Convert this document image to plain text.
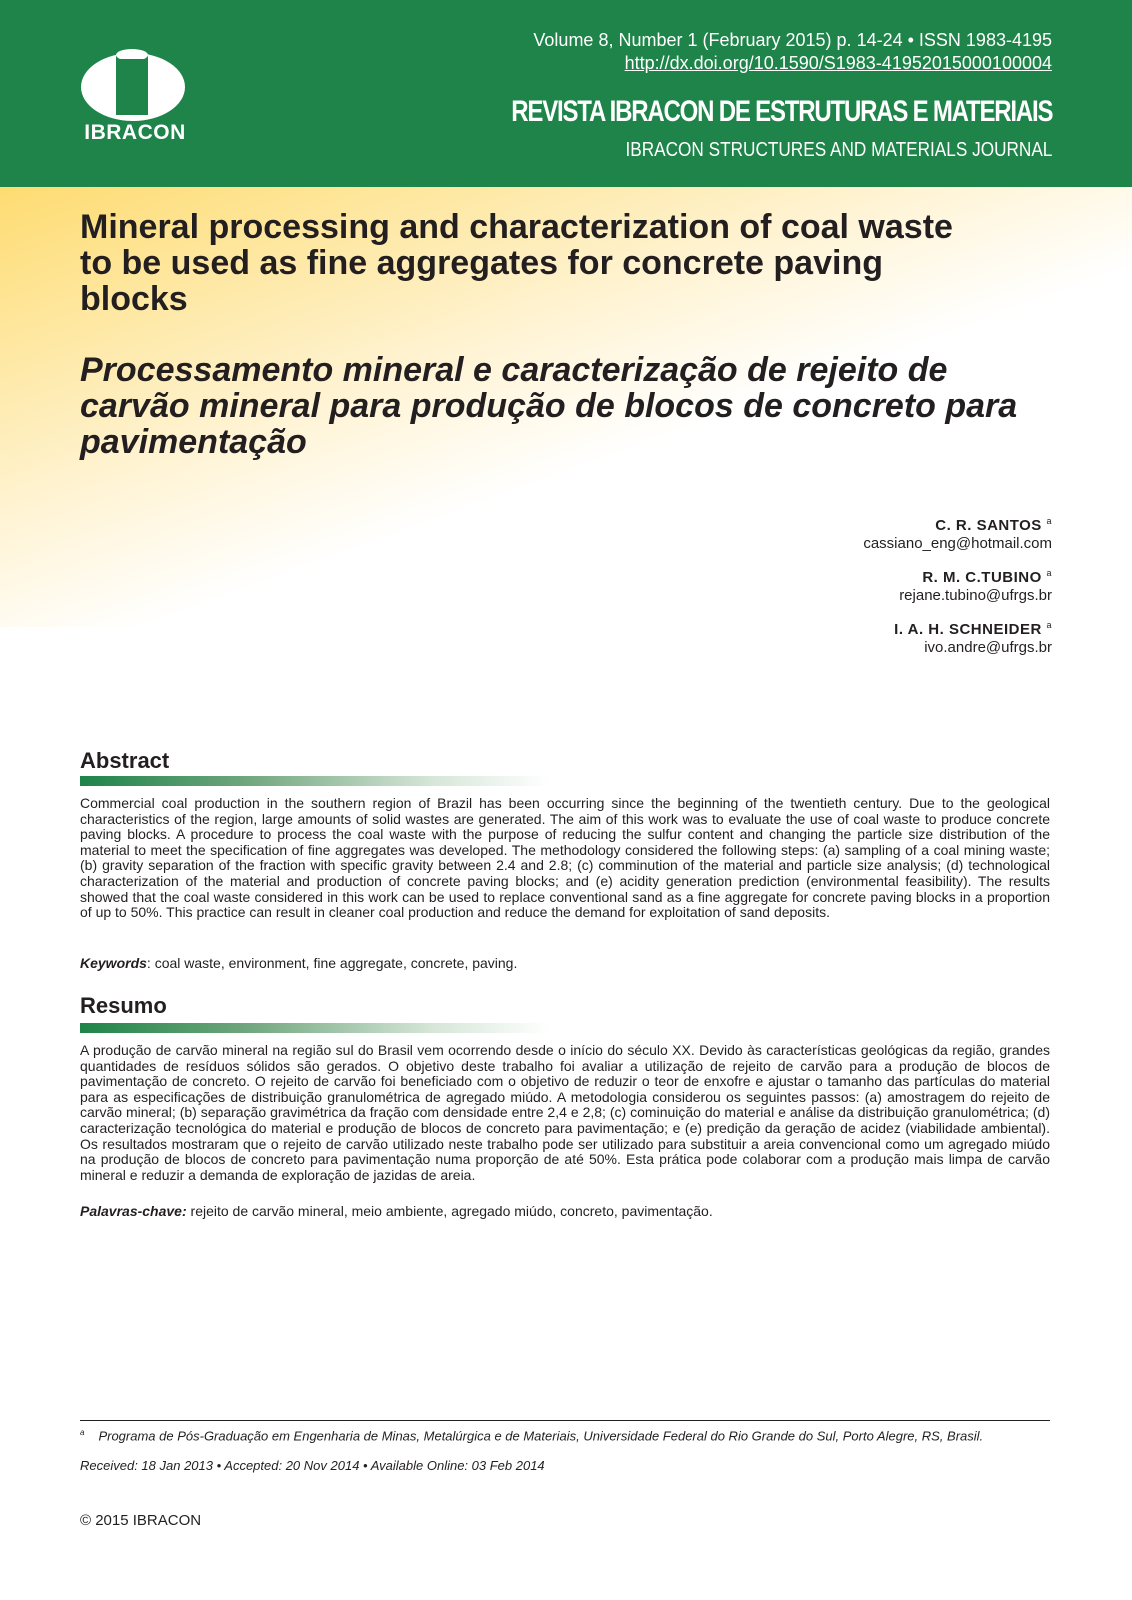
IBRACON
Volume 8, Number 1 (February 2015) p. 14-24 • ISSN 1983-4195
http://dx.doi.org/10.1590/S1983-41952015000100004
REVISTA IBRACON DE ESTRUTURAS E MATERIAIS
IBRACON STRUCTURES AND MATERIALS JOURNAL
Mineral processing and characterization of coal waste to be used as fine aggregates for concrete paving blocks
Processamento mineral e caracterização de rejeito de carvão mineral para produção de blocos de concreto para pavimentação
C. R. SANTOS $^a$
cassiano_eng@hotmail.com
R. M. C.TUBINO $^a$
rejane.tubino@ufrgs.br
I. A. H. SCHNEIDER $^a$
ivo.andre@ufrgs.br
Abstract

Commercial coal production in the southern region of Brazil has been occurring since the beginning of the twentieth century. Due to the geological characteristics of the region, large amounts of solid wastes are generated. The aim of this work was to evaluate the use of coal waste to produce concrete paving blocks. A procedure to process the coal waste with the purpose of reducing the sulfur content and changing the particle size distribution of the material to meet the specification of fine aggregates was developed. The methodology considered the following steps: (a) sampling of a coal mining waste; (b) gravity separation of the fraction with specific gravity between 2.4 and 2.8; (c) comminution of the material and particle size analysis; (d) technological characterization of the material and production of concrete paving blocks; and (e) acidity generation prediction (environmental feasibility). The results showed that the coal waste considered in this work can be used to replace conventional sand as a fine aggregate for concrete paving blocks in a proportion of up to 50%. This practice can result in cleaner coal production and reduce the demand for exploitation of sand deposits.

Keywords: coal waste, environment, fine aggregate, concrete, paving.

Resumo

A produção de carvão mineral na região sul do Brasil vem ocorrendo desde o início do século XX. Devido às características geológicas da região, grandes quantidades de resíduos sólidos são gerados. O objetivo deste trabalho foi avaliar a utilização de rejeito de carvão para a produção de blocos de pavimentação de concreto. O rejeito de carvão foi beneficiado com o objetivo de reduzir o teor de enxofre e ajustar o tamanho das partículas do material para as especificações de distribuição granulométrica de agregado miúdo. A metodologia considerou os seguintes passos: (a) amostragem do rejeito de carvão mineral; (b) separação gravimétrica da fração com densidade entre 2,4 e 2,8; (c) cominuição do material e análise da distribuição granulométrica; (d) caracterização tecnológica do material e produção de blocos de concreto para pavimentação; e (e) predição da geração de acidez (viabilidade ambiental). Os resultados mostraram que o rejeito de carvão utilizado neste trabalho pode ser utilizado para substituir a areia convencional como um agregado miúdo na produção de blocos de concreto para pavimentação numa proporção de até 50%. Esta prática pode colaborar com a produção mais limpa de carvão mineral e reduzir a demanda de exploração de jazidas de areia.

Palavras-chave: rejeito de carvão mineral, meio ambiente, agregado miúdo, concreto, pavimentação.

$^a$ Programa de Pós-Graduação em Engenharia de Minas, Metalúrgica e de Materiais, Universidade Federal do Rio Grande do Sul, Porto Alegre, RS, Brasil.

Received: 18 Jan 2013 • Accepted: 20 Nov 2014 • Available Online: 03 Feb 2014

© 2015 IBRACON
